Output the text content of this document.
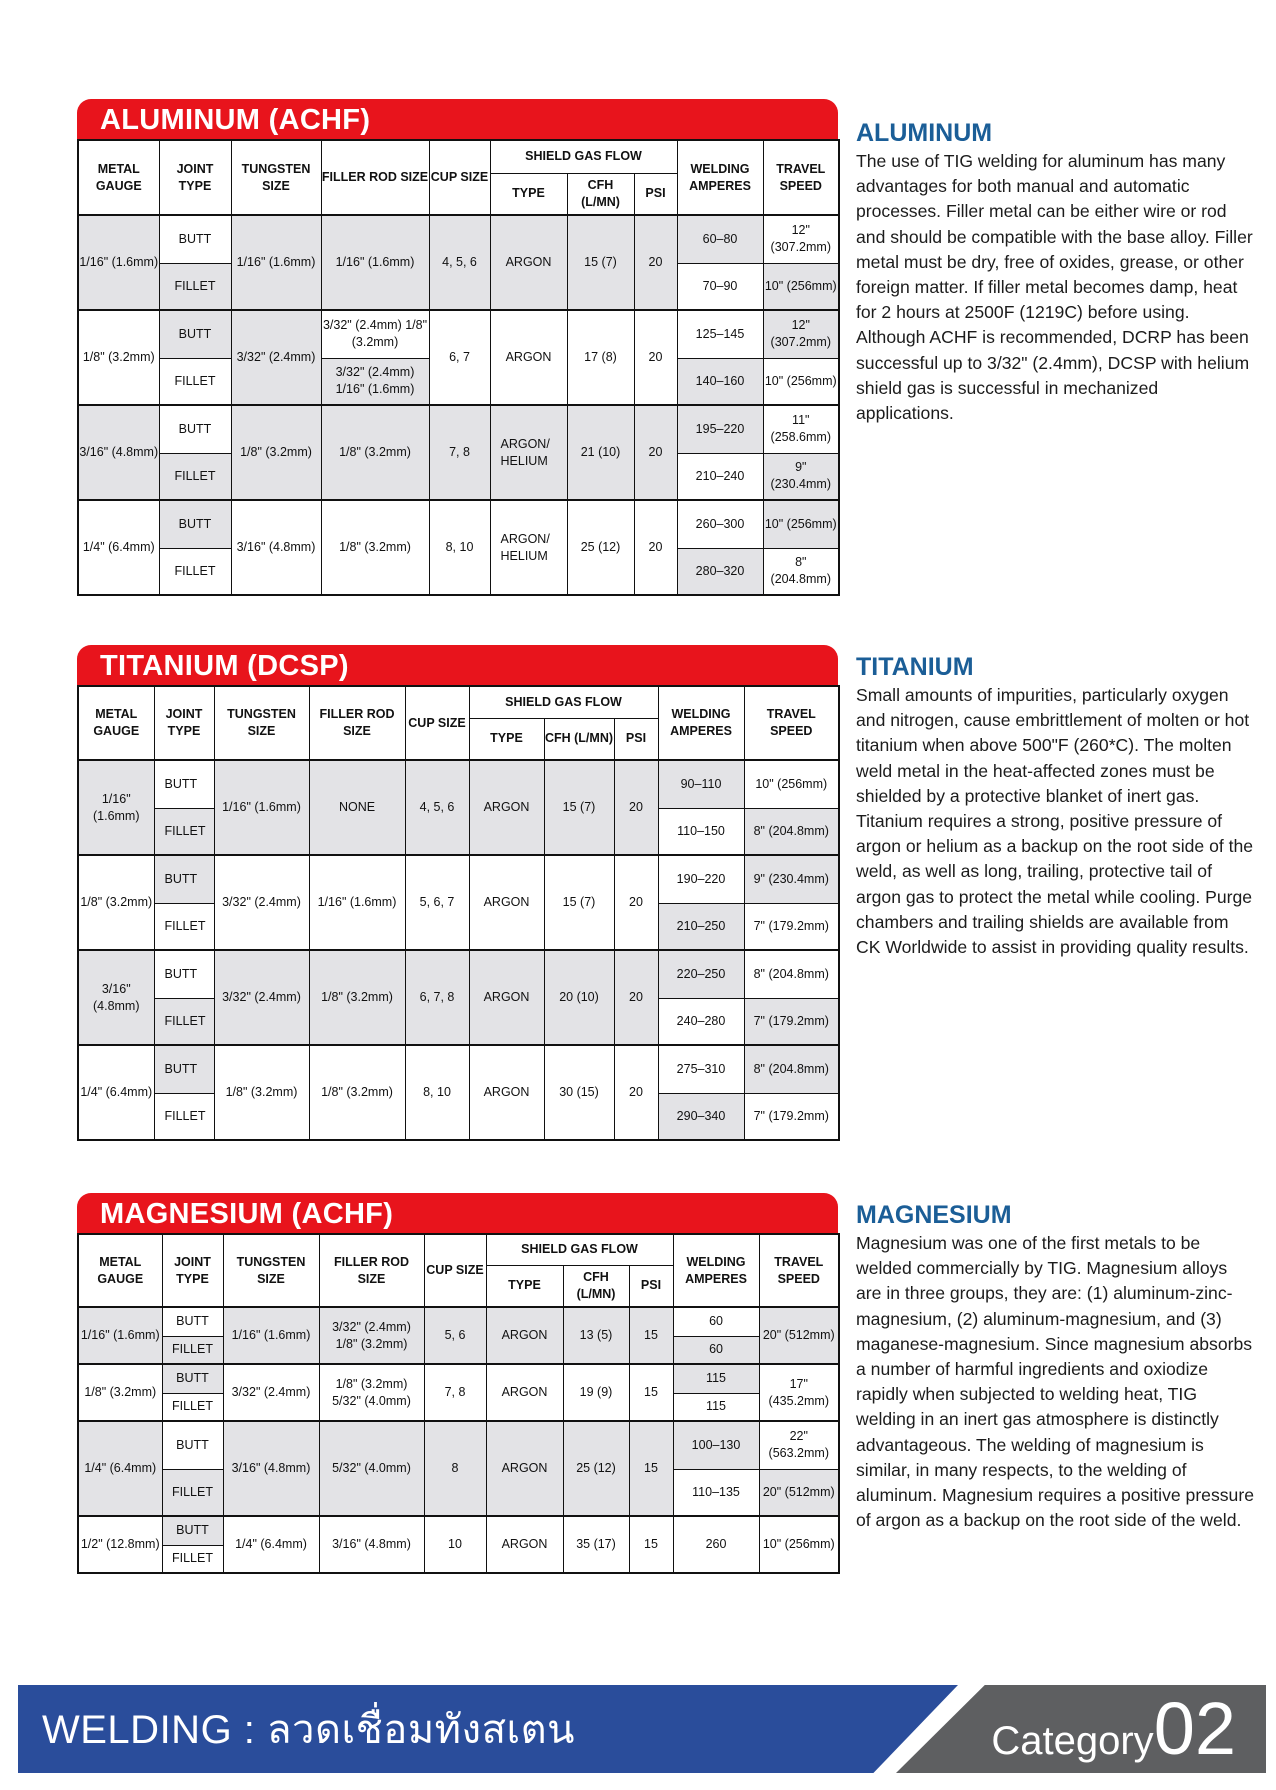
ALUMINUM (ACHF)
METAL GAUGE	JOINT TYPE	TUNGSTEN SIZE	FILLER ROD SIZE	CUP SIZE	SHIELD GAS FLOW			WELDING AMPERES	TRAVEL SPEED
					TYPE	CFH (L/MN)	PSI		
1/16" (1.6mm)	BUTT	1/16" (1.6mm)	1/16" (1.6mm)	4, 5, 6	ARGON	15 (7)	20	60–80	12" (307.2mm)
	FILLET							70–90	10" (256mm)
1/8" (3.2mm)	BUTT	3/32" (2.4mm)	3/32" (2.4mm) 1/8" (3.2mm)	6, 7	ARGON	17 (8)	20	125–145	12" (307.2mm)
	FILLET		3/32" (2.4mm) 1/16" (1.6mm)					140–160	10" (256mm)
3/16" (4.8mm)	BUTT	1/8" (3.2mm)	1/8" (3.2mm)	7, 8	ARGON/ HELIUM	21 (10)	20	195–220	11" (258.6mm)
	FILLET							210–240	9" (230.4mm)
1/4" (6.4mm)	BUTT	3/16" (4.8mm)	1/8" (3.2mm)	8, 10	ARGON/ HELIUM	25 (12)	20	260–300	10" (256mm)
	FILLET							280–320	8" (204.8mm)
ALUMINUM

The use of TIG welding for aluminum has many advantages for both manual and automatic processes. Filler metal can be either wire or rod and should be compatible with the base alloy. Filler metal must be dry, free of oxides, grease, or other foreign matter. If filler metal becomes damp, heat for 2 hours at 2500F (1219C) before using. Although ACHF is recommended, DCRP has been successful up to 3/32" (2.4mm), DCSP with helium shield gas is successful in mechanized applications.

TITANIUM (DCSP)
METAL GAUGE	JOINT TYPE	TUNGSTEN SIZE	FILLER ROD SIZE	CUP SIZE	SHIELD GAS FLOW			WELDING AMPERES	TRAVEL SPEED
					TYPE	CFH (L/MN)	PSI		
1/16" (1.6mm)	BUTT	1/16" (1.6mm)	NONE	4, 5, 6	ARGON	15 (7)	20	90–110	10" (256mm)
	FILLET							110–150	8" (204.8mm)
1/8" (3.2mm)	BUTT	3/32" (2.4mm)	1/16" (1.6mm)	5, 6, 7	ARGON	15 (7)	20	190–220	9" (230.4mm)
	FILLET							210–250	7" (179.2mm)
3/16" (4.8mm)	BUTT	3/32" (2.4mm)	1/8" (3.2mm)	6, 7, 8	ARGON	20 (10)	20	220–250	8" (204.8mm)
	FILLET							240–280	7" (179.2mm)
1/4" (6.4mm)	BUTT	1/8" (3.2mm)	1/8" (3.2mm)	8, 10	ARGON	30 (15)	20	275–310	8" (204.8mm)
	FILLET							290–340	7" (179.2mm)
TITANIUM

Small amounts of impurities, particularly oxygen and nitrogen, cause embrittlement of molten or hot titanium when above 500"F (260*C). The molten weld metal in the heat-affected zones must be shielded by a protective blanket of inert gas. Titanium requires a strong, positive pressure of argon or helium as a backup on the root side of the weld, as well as long, trailing, protective tail of argon gas to protect the metal while cooling. Purge chambers and trailing shields are available from CK Worldwide to assist in providing quality results.

MAGNESIUM (ACHF)
METAL GAUGE	JOINT TYPE	TUNGSTEN SIZE	FILLER ROD SIZE	CUP SIZE	SHIELD GAS FLOW			WELDING AMPERES	TRAVEL SPEED
					TYPE	CFH (L/MN)	PSI		
1/16" (1.6mm)	BUTT	1/16" (1.6mm)	3/32" (2.4mm) 1/8" (3.2mm)	5, 6	ARGON	13 (5)	15	60	20" (512mm)
	FILLET							60	
1/8" (3.2mm)	BUTT	3/32" (2.4mm)	1/8" (3.2mm) 5/32" (4.0mm)	7, 8	ARGON	19 (9)	15	115	17" (435.2mm)
	FILLET							115	
1/4" (6.4mm)	BUTT	3/16" (4.8mm)	5/32" (4.0mm)	8	ARGON	25 (12)	15	100–130	22" (563.2mm)
	FILLET							110–135	20" (512mm)
1/2" (12.8mm)	BUTT	1/4" (6.4mm)	3/16" (4.8mm)	10	ARGON	35 (17)	15	260	10" (256mm)
	FILLET								
MAGNESIUM

Magnesium was one of the first metals to be welded commercially by TIG. Magnesium alloys are in three groups, they are: (1) aluminum-zinc-magnesium, (2) aluminum-magnesium, and (3) maganese-magnesium. Since magnesium absorbs a number of harmful ingredients and oxiodize rapidly when subjected to welding heat, TIG welding in an inert gas atmosphere is distinctly advantageous. The welding of magnesium is similar, in many respects, to the welding of aluminum. Magnesium requires a positive pressure of argon as a backup on the root side of the weld.

WELDING : ลวดเชื่อมทังสเตน	Category02
